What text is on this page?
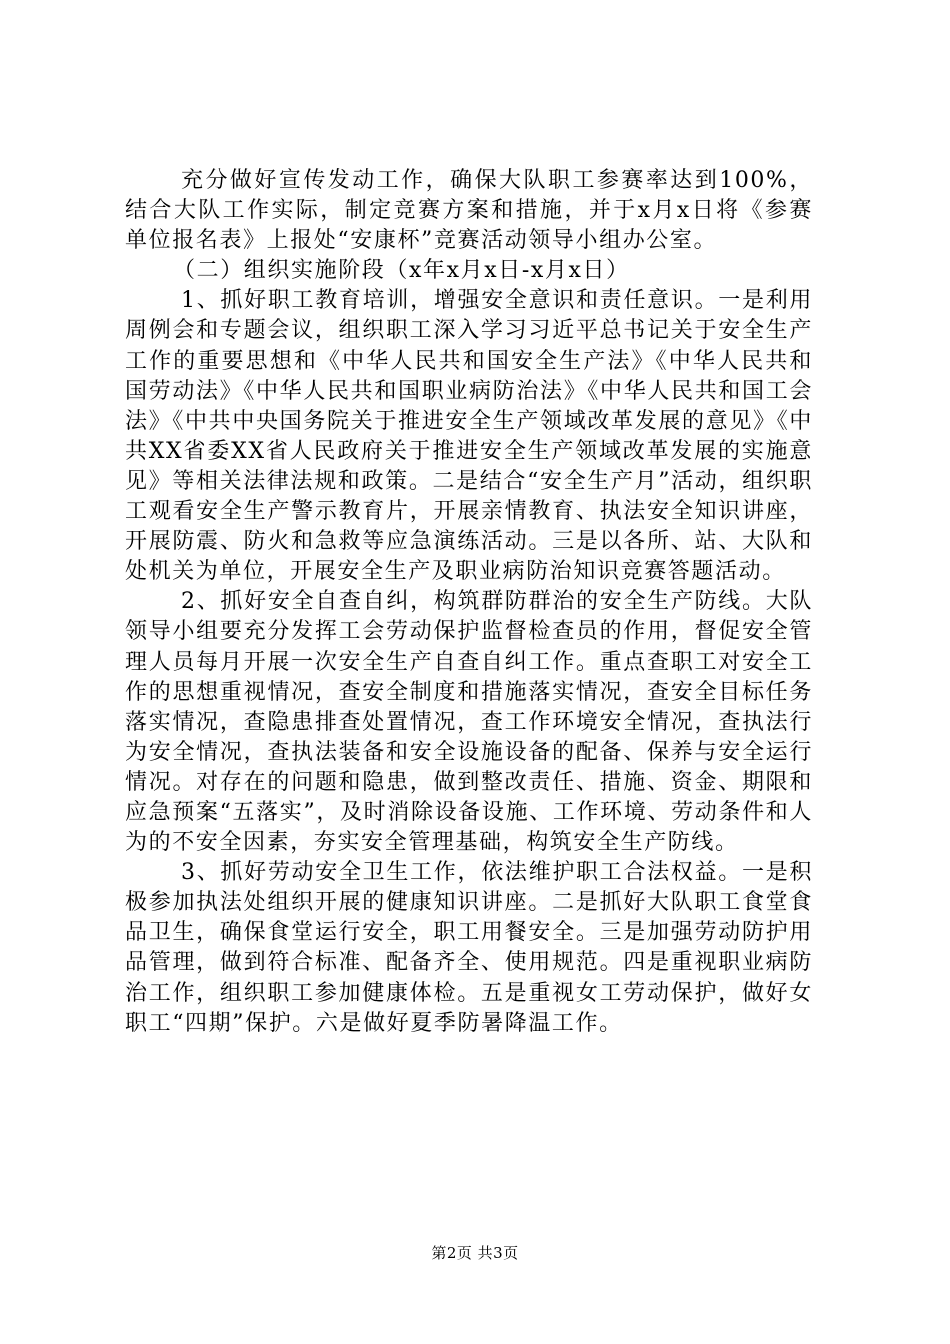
充分做好宣传发动工作，确保大队职工参赛率达到100%，结合大队工作实际，制定竞赛方案和措施，并于x月x日将《参赛单位报名表》上报处“安康杯”竞赛活动领导小组办公室。

（二）组织实施阶段（x年x月x日-x月x日）

1、抓好职工教育培训，增强安全意识和责任意识。一是利用周例会和专题会议，组织职工深入学习习近平总书记关于安全生产工作的重要思想和《中华人民共和国安全生产法》《中华人民共和国劳动法》《中华人民共和国职业病防治法》《中华人民共和国工会法》《中共中央国务院关于推进安全生产领域改革发展的意见》《中共XX省委XX省人民政府关于推进安全生产领域改革发展的实施意见》等相关法律法规和政策。二是结合“安全生产月”活动，组织职工观看安全生产警示教育片，开展亲情教育、执法安全知识讲座，开展防震、防火和急救等应急演练活动。三是以各所、站、大队和处机关为单位，开展安全生产及职业病防治知识竞赛答题活动。

2、抓好安全自查自纠，构筑群防群治的安全生产防线。大队领导小组要充分发挥工会劳动保护监督检查员的作用，督促安全管理人员每月开展一次安全生产自查自纠工作。重点查职工对安全工作的思想重视情况，查安全制度和措施落实情况，查安全目标任务落实情况，查隐患排查处置情况，查工作环境安全情况，查执法行为安全情况，查执法装备和安全设施设备的配备、保养与安全运行情况。对存在的问题和隐患，做到整改责任、措施、资金、期限和应急预案“五落实”，及时消除设备设施、工作环境、劳动条件和人为的不安全因素，夯实安全管理基础，构筑安全生产防线。

3、抓好劳动安全卫生工作，依法维护职工合法权益。一是积极参加执法处组织开展的健康知识讲座。二是抓好大队职工食堂食品卫生，确保食堂运行安全，职工用餐安全。三是加强劳动防护用品管理，做到符合标准、配备齐全、使用规范。四是重视职业病防治工作，组织职工参加健康体检。五是重视女工劳动保护，做好女职工“四期”保护。六是做好夏季防暑降温工作。

第2页 共3页
